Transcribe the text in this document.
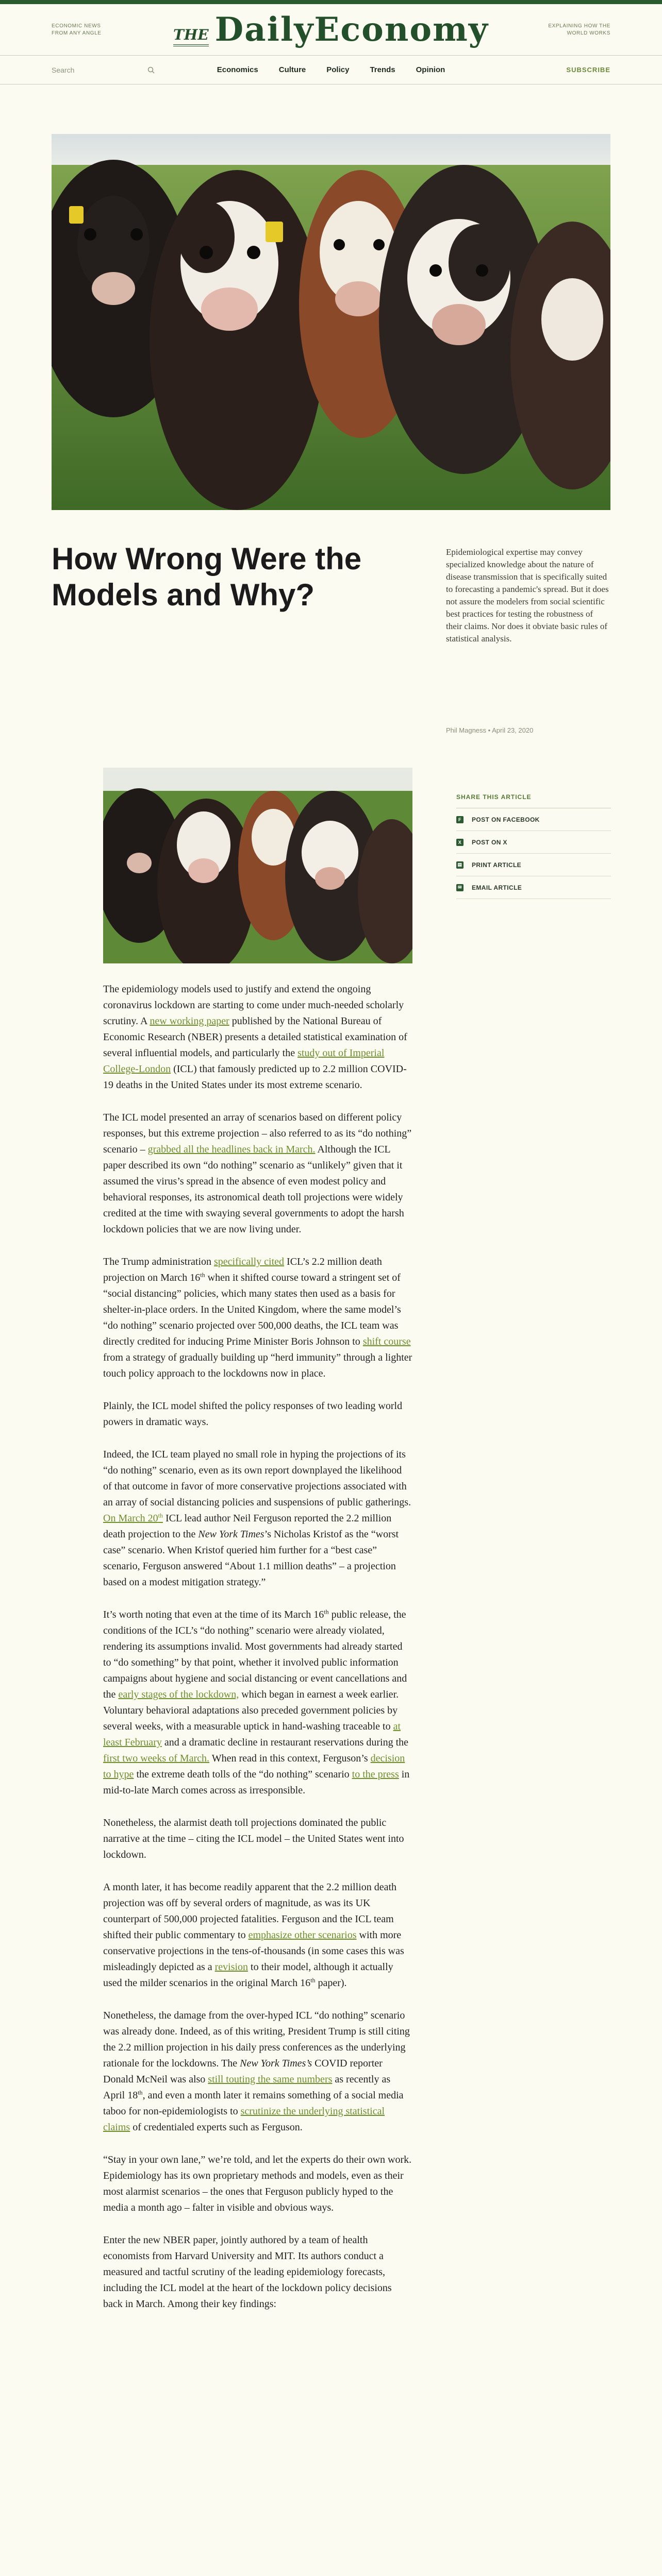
ECONOMIC NEWS FROM ANY ANGLE	THE DailyEconomy	EXPLAINING HOW THE WORLD WORKS
Search	Economics	Culture	Policy	Trends	Opinion	SUBSCRIBE
How Wrong Were the Models and Why?

Epidemiological expertise may convey specialized knowledge about the nature of disease transmission that is specifically suited to forecasting a pandemic's spread. But it does not assure the modelers from social scientific best practices for testing the robustness of their claims. Nor does it obviate basic rules of statistical analysis.

Phil Magness • April 23, 2020
SHARE THIS ARTICLE
F	POST ON FACEBOOK
X	POST ON X
▤ PRINT ARTICLE
✉ EMAIL ARTICLE

The epidemiology models used to justify and extend the ongoing coronavirus lockdown are starting to come under much-needed scholarly scrutiny. A new working paper published by the National Bureau of Economic Research (NBER) presents a detailed statistical examination of several influential models, and particularly the study out of Imperial College-London (ICL) that famously predicted up to 2.2 million COVID-19 deaths in the United States under its most extreme scenario.

The ICL model presented an array of scenarios based on different policy responses, but this extreme projection – also referred to as its “do nothing” scenario – grabbed all the headlines back in March. Although the ICL paper described its own “do nothing” scenario as “unlikely” given that it assumed the virus’s spread in the absence of even modest policy and behavioral responses, its astronomical death toll projections were widely credited at the time with swaying several governments to adopt the harsh lockdown policies that we are now living under.

The Trump administration specifically cited ICL’s 2.2 million death projection on March 16th when it shifted course toward a stringent set of “social distancing” policies, which many states then used as a basis for shelter-in-place orders. In the United Kingdom, where the same model’s “do nothing” scenario projected over 500,000 deaths, the ICL team was directly credited for inducing Prime Minister Boris Johnson to shift course from a strategy of gradually building up “herd immunity” through a lighter touch policy approach to the lockdowns now in place.

Plainly, the ICL model shifted the policy responses of two leading world powers in dramatic ways.

Indeed, the ICL team played no small role in hyping the projections of its “do nothing” scenario, even as its own report downplayed the likelihood of that outcome in favor of more conservative projections associated with an array of social distancing policies and suspensions of public gatherings. On March 20th ICL lead author Neil Ferguson reported the 2.2 million death projection to the New York Times’s Nicholas Kristof as the “worst case” scenario. When Kristof queried him further for a “best case” scenario, Ferguson answered “About 1.1 million deaths” – a projection based on a modest mitigation strategy.”

It’s worth noting that even at the time of its March 16th public release, the conditions of the ICL’s “do nothing” scenario were already violated, rendering its assumptions invalid. Most governments had already started to “do something” by that point, whether it involved public information campaigns about hygiene and social distancing or event cancellations and the early stages of the lockdown, which began in earnest a week earlier. Voluntary behavioral adaptations also preceded government policies by several weeks, with a measurable uptick in hand-washing traceable to at least February and a dramatic decline in restaurant reservations during the first two weeks of March. When read in this context, Ferguson’s decision to hype the extreme death tolls of the “do nothing” scenario to the press in mid-to-late March comes across as irresponsible.

Nonetheless, the alarmist death toll projections dominated the public narrative at the time – citing the ICL model – the United States went into lockdown.

A month later, it has become readily apparent that the 2.2 million death projection was off by several orders of magnitude, as was its UK counterpart of 500,000 projected fatalities. Ferguson and the ICL team shifted their public commentary to emphasize other scenarios with more conservative projections in the tens-of-thousands (in some cases this was misleadingly depicted as a revision to their model, although it actually used the milder scenarios in the original March 16th paper).

Nonetheless, the damage from the over-hyped ICL “do nothing” scenario was already done. Indeed, as of this writing, President Trump is still citing the 2.2 million projection in his daily press conferences as the underlying rationale for the lockdowns. The New York Times’s COVID reporter Donald McNeil was also still touting the same numbers as recently as April 18th, and even a month later it remains something of a social media taboo for non-epidemiologists to scrutinize the underlying statistical claims of credentialed experts such as Ferguson.

“Stay in your own lane,” we’re told, and let the experts do their own work. Epidemiology has its own proprietary methods and models, even as their most alarmist scenarios – the ones that Ferguson publicly hyped to the media a month ago – falter in visible and obvious ways.

Enter the new NBER paper, jointly authored by a team of health economists from Harvard University and MIT. Its authors conduct a measured and tactful scrutiny of the leading epidemiology forecasts, including the ICL model at the heart of the lockdown policy decisions back in March. Among their key findings:
